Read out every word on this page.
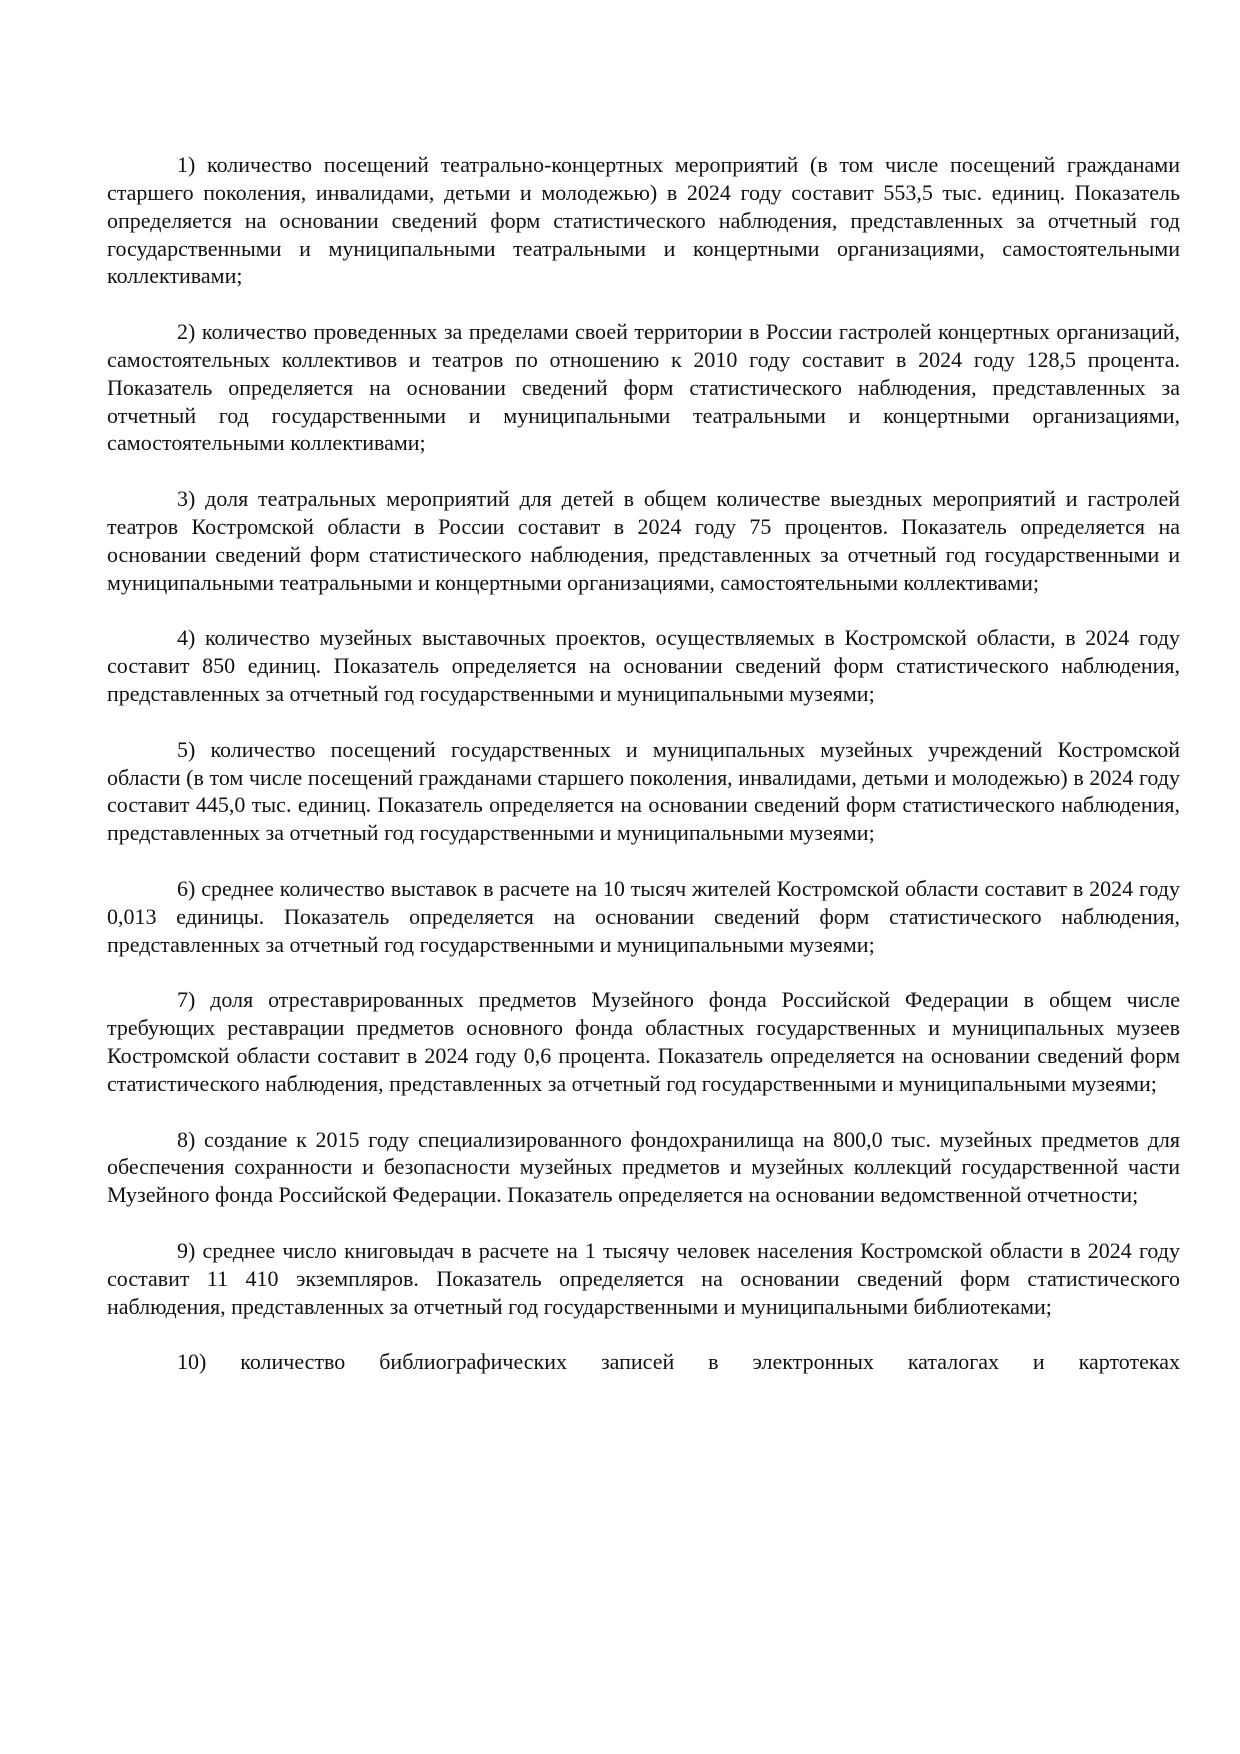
1) количество посещений театрально-концертных мероприятий (в том числе посещений гражданами старшего поколения, инвалидами, детьми и молодежью) в 2024 году составит 553,5 тыс. единиц. Показатель определяется на основании сведений форм статистического наблюдения, представленных за отчетный год государственными и муниципальными театральными и концертными организациями, самостоятельными коллективами;

2) количество проведенных за пределами своей территории в России гастролей концертных организаций, самостоятельных коллективов и театров по отношению к 2010 году составит в 2024 году 128,5 процента. Показатель определяется на основании сведений форм статистического наблюдения, представленных за отчетный год государственными и муниципальными театральными и концертными организациями, самостоятельными коллективами;

3) доля театральных мероприятий для детей в общем количестве выездных мероприятий и гастролей театров Костромской области в России составит в 2024 году 75 процентов. Показатель определяется на основании сведений форм статистического наблюдения, представленных за отчетный год государственными и муниципальными театральными и концертными организациями, самостоятельными коллективами;

4) количество музейных выставочных проектов, осуществляемых в Костромской области, в 2024 году составит 850 единиц. Показатель определяется на основании сведений форм статистического наблюдения, представленных за отчетный год государственными и муниципальными музеями;

5) количество посещений государственных и муниципальных музейных учреждений Костромской области (в том числе посещений гражданами старшего поколения, инвалидами, детьми и молодежью) в 2024 году составит 445,0 тыс. единиц. Показатель определяется на основании сведений форм статистического наблюдения, представленных за отчетный год государственными и муниципальными музеями;

6) среднее количество выставок в расчете на 10 тысяч жителей Костромской области составит в 2024 году 0,013 единицы. Показатель определяется на основании сведений форм статистического наблюдения, представленных за отчетный год государственными и муниципальными музеями;

7) доля отреставрированных предметов Музейного фонда Российской Федерации в общем числе требующих реставрации предметов основного фонда областных государственных и муниципальных музеев Костромской области составит в 2024 году 0,6 процента. Показатель определяется на основании сведений форм статистического наблюдения, представленных за отчетный год государственными и муниципальными музеями;

8) создание к 2015 году специализированного фондохранилища на 800,0 тыс. музейных предметов для обеспечения сохранности и безопасности музейных предметов и музейных коллекций государственной части Музейного фонда Российской Федерации. Показатель определяется на основании ведомственной отчетности;

9) среднее число книговыдач в расчете на 1 тысячу человек населения Костромской области в 2024 году составит 11 410 экземпляров. Показатель определяется на основании сведений форм статистического наблюдения, представленных за отчетный год государственными и муниципальными библиотеками;

10) количество библиографических записей в электронных каталогах и картотеках
